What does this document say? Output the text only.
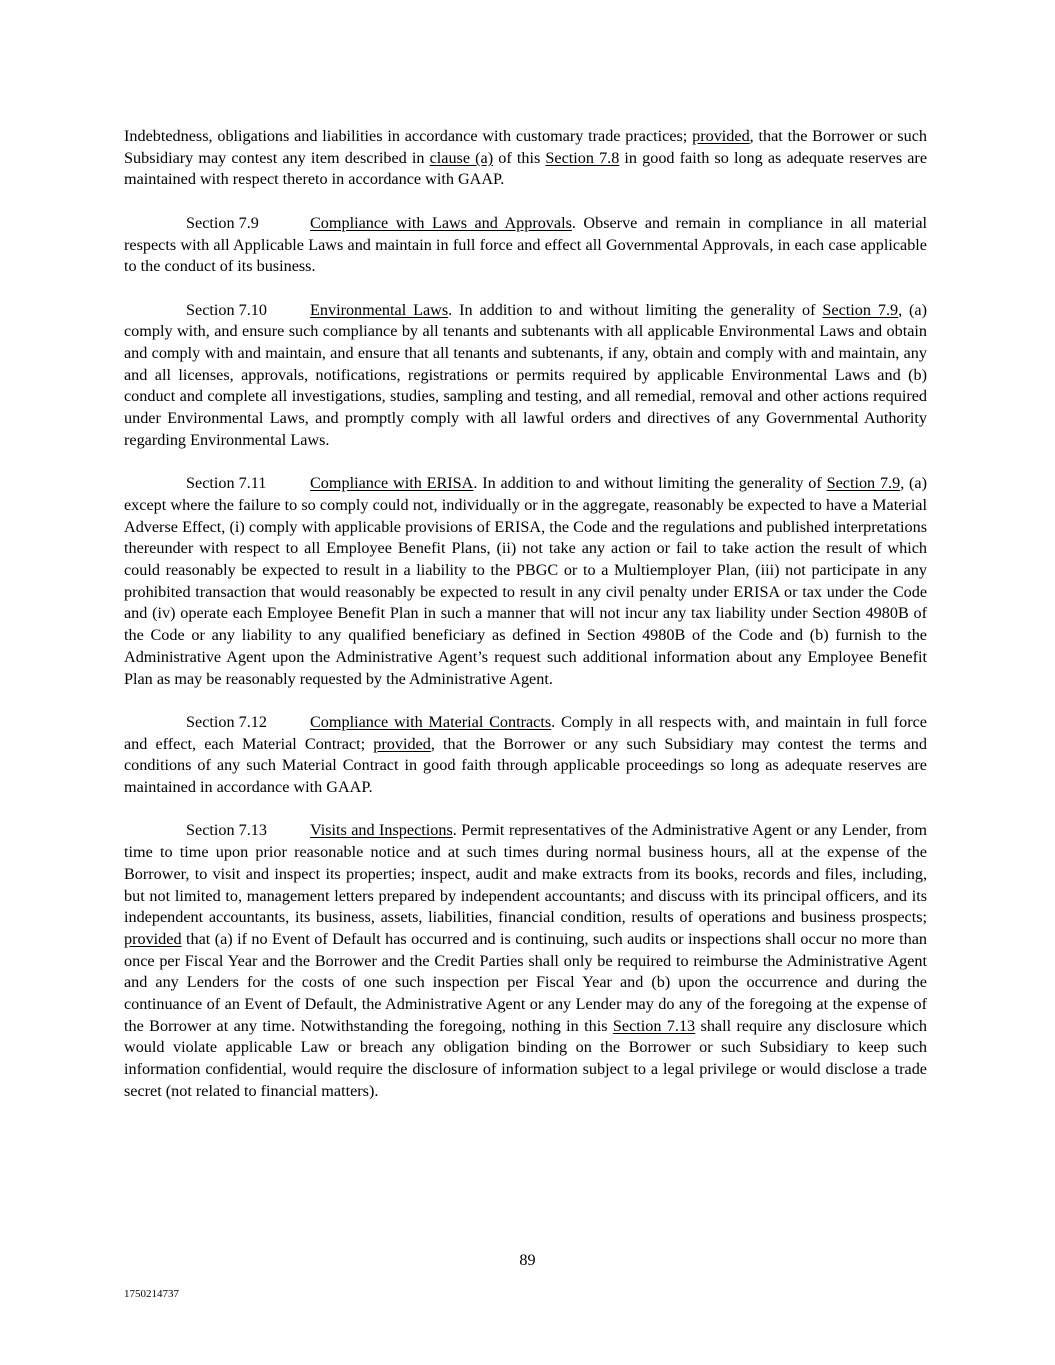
Indebtedness, obligations and liabilities in accordance with customary trade practices; provided, that the Borrower or such Subsidiary may contest any item described in clause (a) of this Section 7.8 in good faith so long as adequate reserves are maintained with respect thereto in accordance with GAAP.

Section 7.9	Compliance with Laws and Approvals. Observe and remain in compliance in all material respects with all Applicable Laws and maintain in full force and effect all Governmental Approvals, in each case applicable to the conduct of its business.

Section 7.10	Environmental Laws. In addition to and without limiting the generality of Section 7.9, (a) comply with, and ensure such compliance by all tenants and subtenants with all applicable Environmental Laws and obtain and comply with and maintain, and ensure that all tenants and subtenants, if any, obtain and comply with and maintain, any and all licenses, approvals, notifications, registrations or permits required by applicable Environmental Laws and (b) conduct and complete all investigations, studies, sampling and testing, and all remedial, removal and other actions required under Environmental Laws, and promptly comply with all lawful orders and directives of any Governmental Authority regarding Environmental Laws.

Section 7.11	Compliance with ERISA. In addition to and without limiting the generality of Section 7.9, (a) except where the failure to so comply could not, individually or in the aggregate, reasonably be expected to have a Material Adverse Effect, (i) comply with applicable provisions of ERISA, the Code and the regulations and published interpretations thereunder with respect to all Employee Benefit Plans, (ii) not take any action or fail to take action the result of which could reasonably be expected to result in a liability to the PBGC or to a Multiemployer Plan, (iii) not participate in any prohibited transaction that would reasonably be expected to result in any civil penalty under ERISA or tax under the Code and (iv) operate each Employee Benefit Plan in such a manner that will not incur any tax liability under Section 4980B of the Code or any liability to any qualified beneficiary as defined in Section 4980B of the Code and (b) furnish to the Administrative Agent upon the Administrative Agent’s request such additional information about any Employee Benefit Plan as may be reasonably requested by the Administrative Agent.

Section 7.12	Compliance with Material Contracts. Comply in all respects with, and maintain in full force and effect, each Material Contract; provided, that the Borrower or any such Subsidiary may contest the terms and conditions of any such Material Contract in good faith through applicable proceedings so long as adequate reserves are maintained in accordance with GAAP.

Section 7.13	Visits and Inspections. Permit representatives of the Administrative Agent or any Lender, from time to time upon prior reasonable notice and at such times during normal business hours, all at the expense of the Borrower, to visit and inspect its properties; inspect, audit and make extracts from its books, records and files, including, but not limited to, management letters prepared by independent accountants; and discuss with its principal officers, and its independent accountants, its business, assets, liabilities, financial condition, results of operations and business prospects; provided that (a) if no Event of Default has occurred and is continuing, such audits or inspections shall occur no more than once per Fiscal Year and the Borrower and the Credit Parties shall only be required to reimburse the Administrative Agent and any Lenders for the costs of one such inspection per Fiscal Year and (b) upon the occurrence and during the continuance of an Event of Default, the Administrative Agent or any Lender may do any of the foregoing at the expense of the Borrower at any time. Notwithstanding the foregoing, nothing in this Section 7.13 shall require any disclosure which would violate applicable Law or breach any obligation binding on the Borrower or such Subsidiary to keep such information confidential, would require the disclosure of information subject to a legal privilege or would disclose a trade secret (not related to financial matters).

89
1750214737
